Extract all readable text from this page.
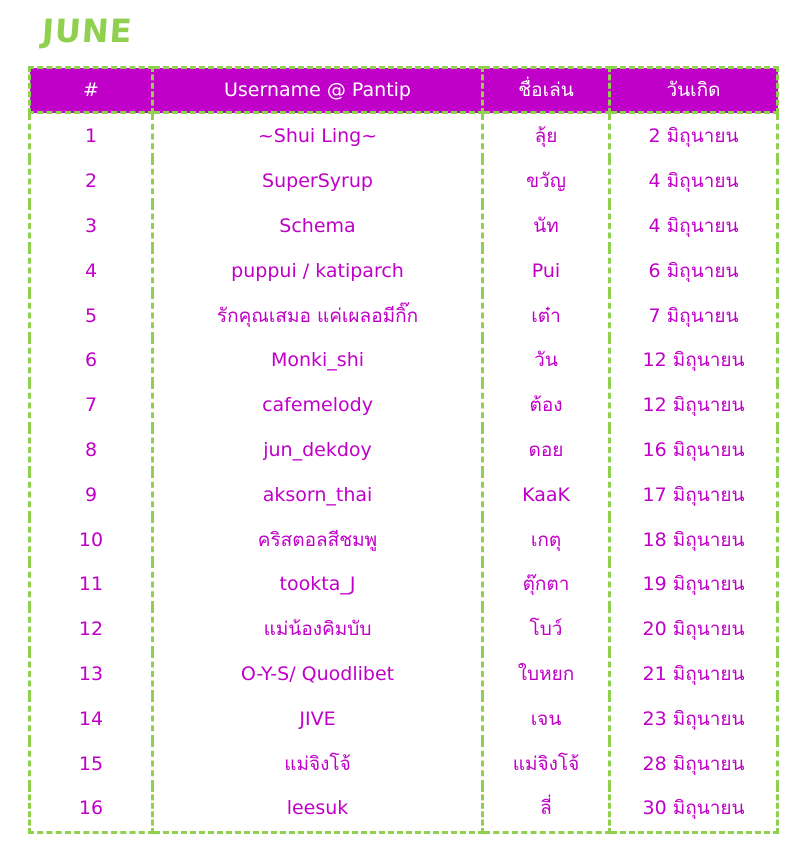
JUNE
#	Username @ Pantip	ชื่อเล่น	วันเกิด
1	~Shui Ling~	ลุ้ย	2 มิถุนายน
2	SuperSyrup	ขวัญ	4 มิถุนายน
3	Schema	นัท	4 มิถุนายน
4	puppui / katiparch	Pui	6 มิถุนายน
5	รักคุณเสมอ แค่เผลอมีกิ๊ก	เต๋า	7 มิถุนายน
6	Monki_shi	วัน	12 มิถุนายน
7	cafemelody	ต้อง	12 มิถุนายน
8	jun_dekdoy	ดอย	16 มิถุนายน
9	aksorn_thai	KaaK	17 มิถุนายน
10	คริสตอลสีชมพู	เกตุ	18 มิถุนายน
11	tookta_J	ตุ๊กตา	19 มิถุนายน
12	แม่น้องคิมบับ	โบว์	20 มิถุนายน
13	O-Y-S/ Quodlibet	ใบหยก	21 มิถุนายน
14	JIVE	เจน	23 มิถุนายน
15	แม่จิงโจ้	แม่จิงโจ้	28 มิถุนายน
16	leesuk	ลี่	30 มิถุนายน
